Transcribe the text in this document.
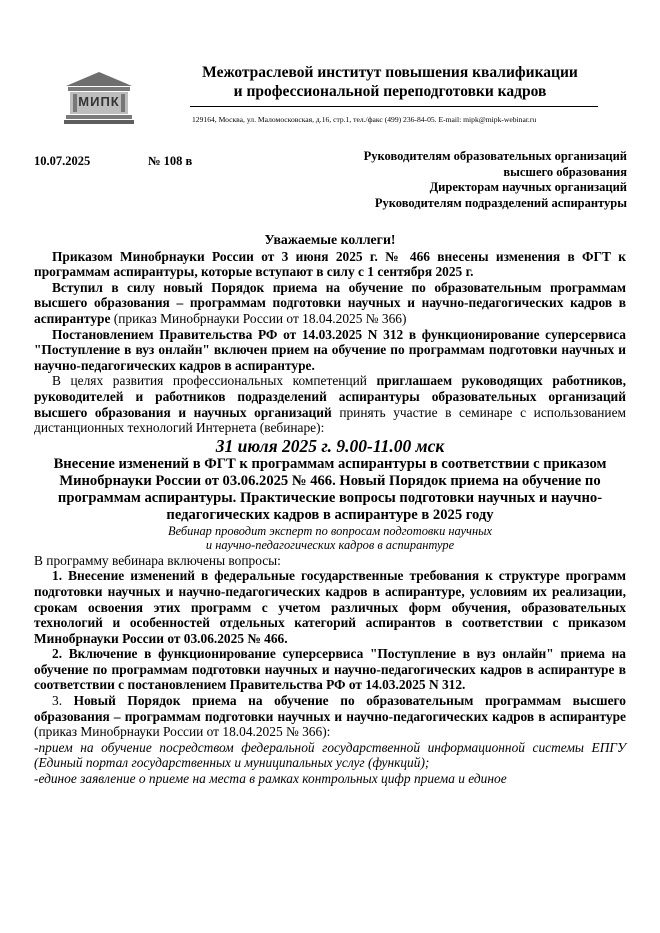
МИПК
Межотраслевой институт повышения квалификации
и профессиональной переподготовки кадров
129164, Москва, ул. Маломосковская, д.16, стр.1, тел./факс (499) 236-84-05. E-mail: mipk@mipk-webinar.ru
10.07.2025	№ 108 в	Руководителям образовательных организаций
высшего образования
Директорам научных организаций
Руководителям подразделений аспирантуры

Уважаемые коллеги!

Приказом Минобрнауки России от 3 июня 2025 г. № 466 внесены изменения в ФГТ к программам аспирантуры, которые вступают в силу с 1 сентября 2025 г.

Вступил в силу новый Порядок приема на обучение по образовательным программам высшего образования – программам подготовки научных и научно-педагогических кадров в аспирантуре (приказ Минобрнауки России от 18.04.2025 № 366)

Постановлением Правительства РФ от 14.03.2025 N 312 в функционирование суперсервиса "Поступление в вуз онлайн" включен прием на обучение по программам подготовки научных и научно-педагогических кадров в аспирантуре.

В целях развития профессиональных компетенций приглашаем руководящих работников, руководителей и работников подразделений аспирантуры образовательных организаций высшего образования и научных организаций принять участие в семинаре с использованием дистанционных технологий Интернета (вебинаре):

31 июля 2025 г. 9.00-11.00 мск

Внесение изменений в ФГТ к программам аспирантуры в соответствии с приказом Минобрнауки России от 03.06.2025 № 466. Новый Порядок приема на обучение по программам аспирантуры. Практические вопросы подготовки научных и научно-педагогических кадров в аспирантуре в 2025 году

Вебинар проводит эксперт по вопросам подготовки научных

и научно-педагогических кадров в аспирантуре

В программу вебинара включены вопросы:

1. Внесение изменений в федеральные государственные требования к структуре программ подготовки научных и научно-педагогических кадров в аспирантуре, условиям их реализации, срокам освоения этих программ с учетом различных форм обучения, образовательных технологий и особенностей отдельных категорий аспирантов в соответствии с приказом Минобрнауки России от 03.06.2025 № 466.

2. Включение в функционирование суперсервиса "Поступление в вуз онлайн" приема на обучение по программам подготовки научных и научно-педагогических кадров в аспирантуре в соответствии с постановлением Правительства РФ от 14.03.2025 N 312.

3. Новый Порядок приема на обучение по образовательным программам высшего образования – программам подготовки научных и научно-педагогических кадров в аспирантуре (приказ Минобрнауки России от 18.04.2025 № 366):

-прием на обучение посредством федеральной государственной информационной системы ЕПГУ (Единый портал государственных и муниципальных услуг (функций);

-единое заявление о приеме на места в рамках контрольных цифр приема и единое
